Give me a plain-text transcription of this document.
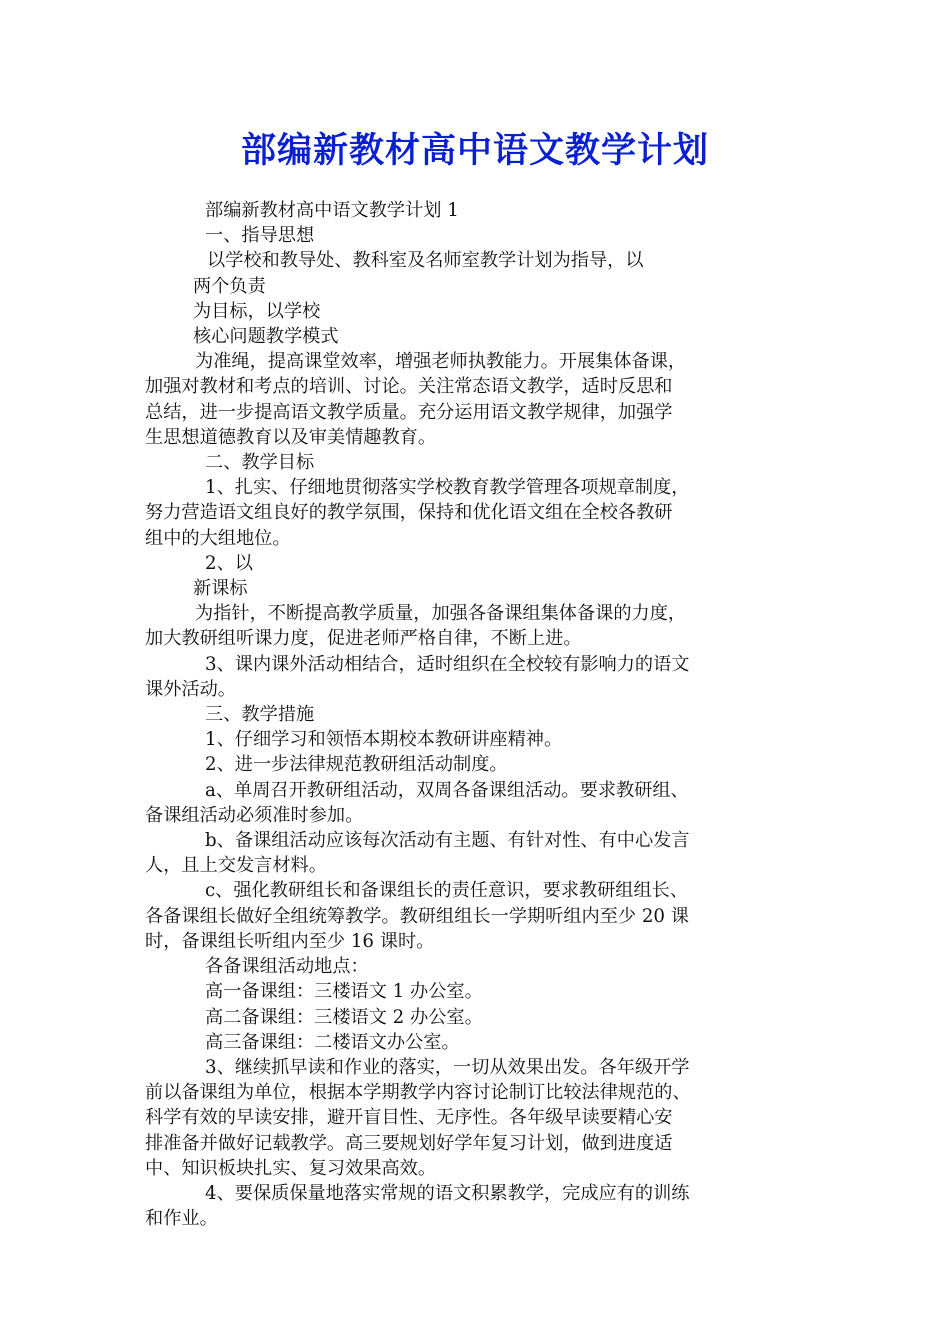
部编新教材高中语文教学计划

部编新教材高中语文教学计划 1

一、指导思想

以学校和教导处、教科室及名师室教学计划为指导，以

两个负责

为目标，以学校

核心问题教学模式

为准绳，提高课堂效率，增强老师执教能力。开展集体备课，

加强对教材和考点的培训、讨论。关注常态语文教学，适时反思和

总结，进一步提高语文教学质量。充分运用语文教学规律，加强学

生思想道德教育以及审美情趣教育。

二、教学目标

1、扎实、仔细地贯彻落实学校教育教学管理各项规章制度，

努力营造语文组良好的教学氛围，保持和优化语文组在全校各教研

组中的大组地位。

2、以

新课标

为指针，不断提高教学质量，加强各备课组集体备课的力度，

加大教研组听课力度，促进老师严格自律，不断上进。

3、课内课外活动相结合，适时组织在全校较有影响力的语文

课外活动。

三、教学措施

1、仔细学习和领悟本期校本教研讲座精神。

2、进一步法律规范教研组活动制度。

a、单周召开教研组活动，双周各备课组活动。要求教研组、

备课组活动必须准时参加。

b、备课组活动应该每次活动有主题、有针对性、有中心发言

人，且上交发言材料。

c、强化教研组长和备课组长的责任意识，要求教研组组长、

各备课组长做好全组统筹教学。教研组组长一学期听组内至少 20 课

时，备课组长听组内至少 16 课时。

各备课组活动地点：

高一备课组：三楼语文 1 办公室。

高二备课组：三楼语文 2 办公室。

高三备课组：二楼语文办公室。

3、继续抓早读和作业的落实，一切从效果出发。各年级开学

前以备课组为单位，根据本学期教学内容讨论制订比较法律规范的、

科学有效的早读安排，避开盲目性、无序性。各年级早读要精心安

排准备并做好记载教学。高三要规划好学年复习计划，做到进度适

中、知识板块扎实、复习效果高效。

4、要保质保量地落实常规的语文积累教学，完成应有的训练

和作业。
